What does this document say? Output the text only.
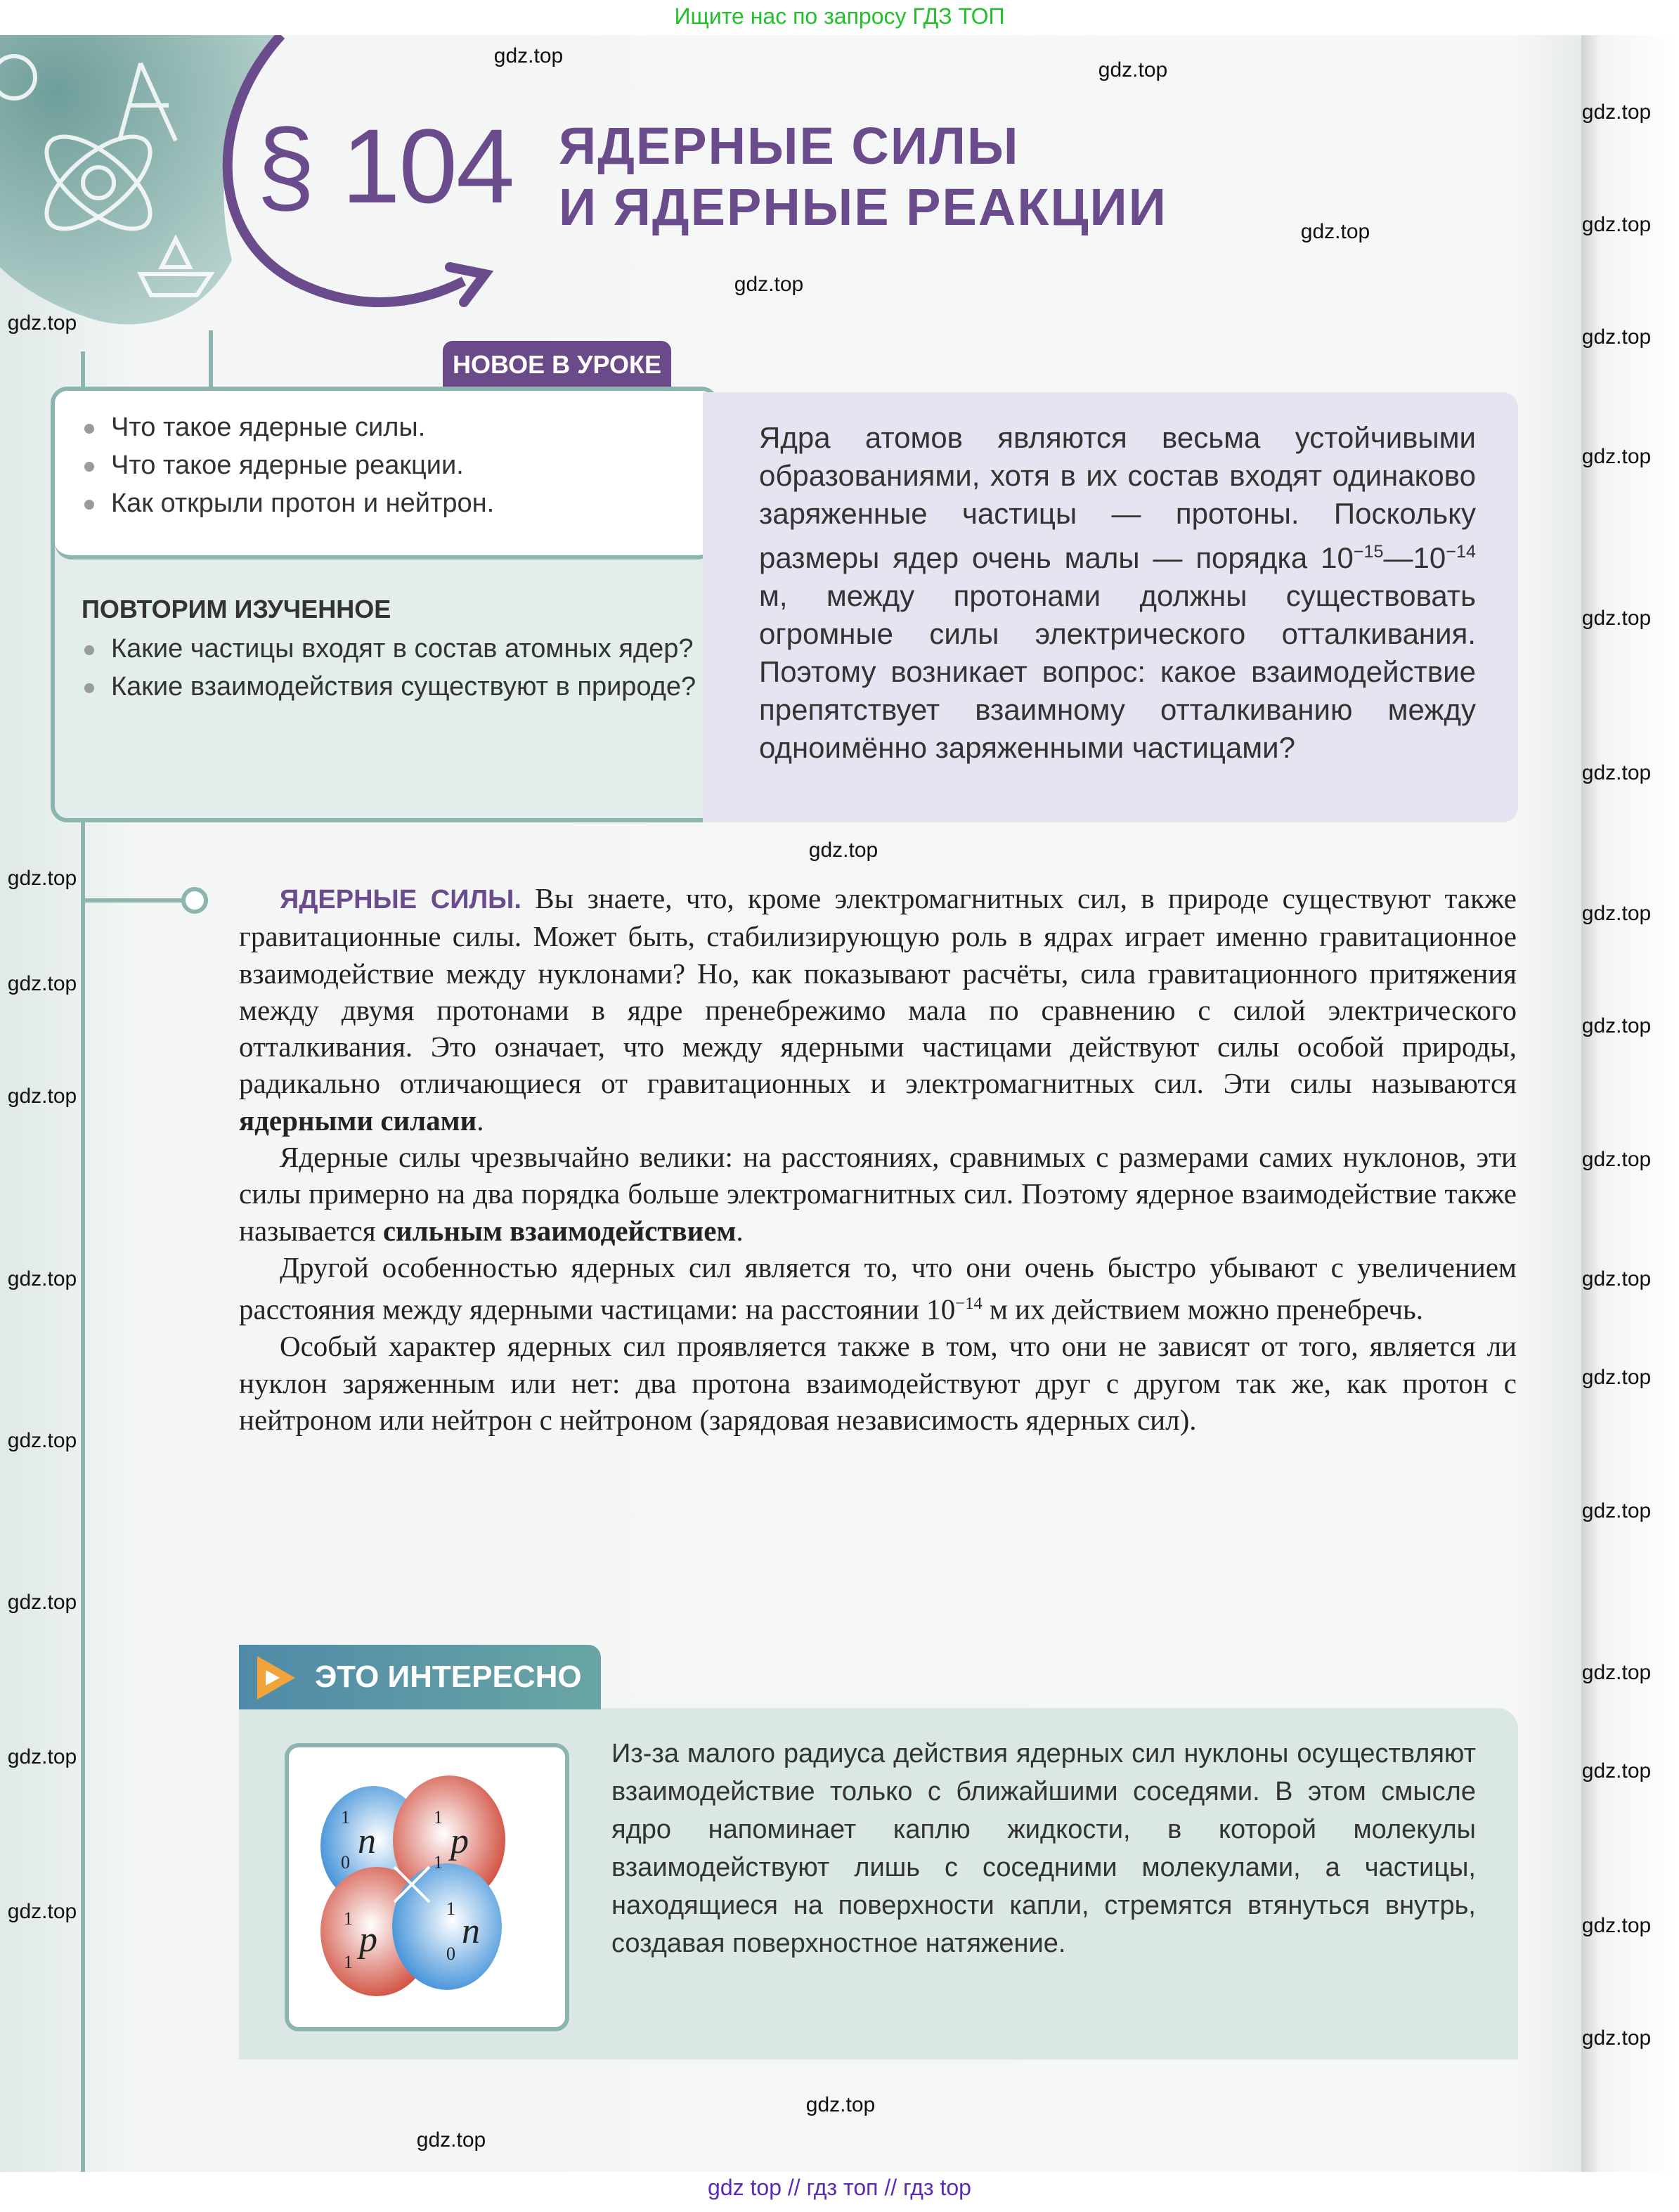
Ищите нас по запросу ГДЗ ТОП
§ 104 ЯДЕРНЫЕ СИЛЫ
И ЯДЕРНЫЕ РЕАКЦИИ
НОВОЕ В УРОКЕ
Что такое ядерные силы.
Что такое ядерные реакции.
Как открыли протон и нейтрон.
ПОВТОРИМ ИЗУЧЕННОЕ
Какие частицы входят в состав атомных ядер?
Какие взаимодействия существуют в природе?
Ядра атомов являются весьма устойчивыми образованиями, хотя в их состав входят одинаково заряженные частицы — протоны. Поскольку размеры ядер очень малы — порядка $10^{-15}—10^{-14}$ м, между протонами должны существовать огромные силы электрического отталкивания. Поэтому возникает вопрос: какое взаимодействие препятствует взаимному отталкиванию между одноимённо заряженными частицами?

ЯДЕРНЫЕ СИЛЫ. Вы знаете, что, кроме электромагнитных сил, в природе существуют также гравитационные силы. Может быть, стабилизирующую роль в ядрах играет именно гравитационное взаимодействие между нуклонами? Но, как показывают расчёты, сила гравитационного притяжения между двумя протонами в ядре пренебрежимо мала по сравнению с силой электрического отталкивания. Это означает, что между ядерными частицами действуют силы особой природы, радикально отличающиеся от гравитационных и электромагнитных сил. Эти силы называются ядерными силами.

Ядерные силы чрезвычайно велики: на расстояниях, сравнимых с размерами самих нуклонов, эти силы примерно на два порядка больше электромагнитных сил. Поэтому ядерное взаимодействие также называется сильным взаимодействием.

Другой особенностью ядерных сил является то, что они очень быстро убывают с увеличением расстояния между ядерными частицами: на расстоянии $10^{-14}$ м их действием можно пренебречь.

Особый характер ядерных сил проявляется также в том, что они не зависят от того, является ли нуклон заряженным или нет: два протона взаимодействуют друг с другом так же, как протон с нейтроном или нейтрон с нейтроном (зарядовая независимость ядерных сил).

ЭТО ИНТЕРЕСНО
1
0
n
1
1
p
1
1
p
1
0
n
Из-за малого радиуса действия ядерных сил нуклоны осуществляют взаимодействие только с ближайшими соседями. В этом смысле ядро напоминает каплю жидкости, в которой молекулы взаимодействуют лишь с соседними молекулами, а частицы, находящиеся на поверхности капли, стремятся втянуться внутрь, создавая поверхностное натяжение.
gdz top // гдз топ // гдз top
gdz.top
gdz.top
gdz.top
gdz.top
gdz.top
gdz.top
gdz.top
gdz.top
gdz.top
gdz.top
gdz.top
gdz.top
gdz.top
gdz.top
gdz.top
gdz.top
gdz.top
gdz.top
gdz.top
gdz.top
gdz.top
gdz.top
gdz.top
gdz.top
gdz.top
gdz.top
gdz.top
gdz.top
gdz.top
gdz.top
gdz.top
gdz.top
